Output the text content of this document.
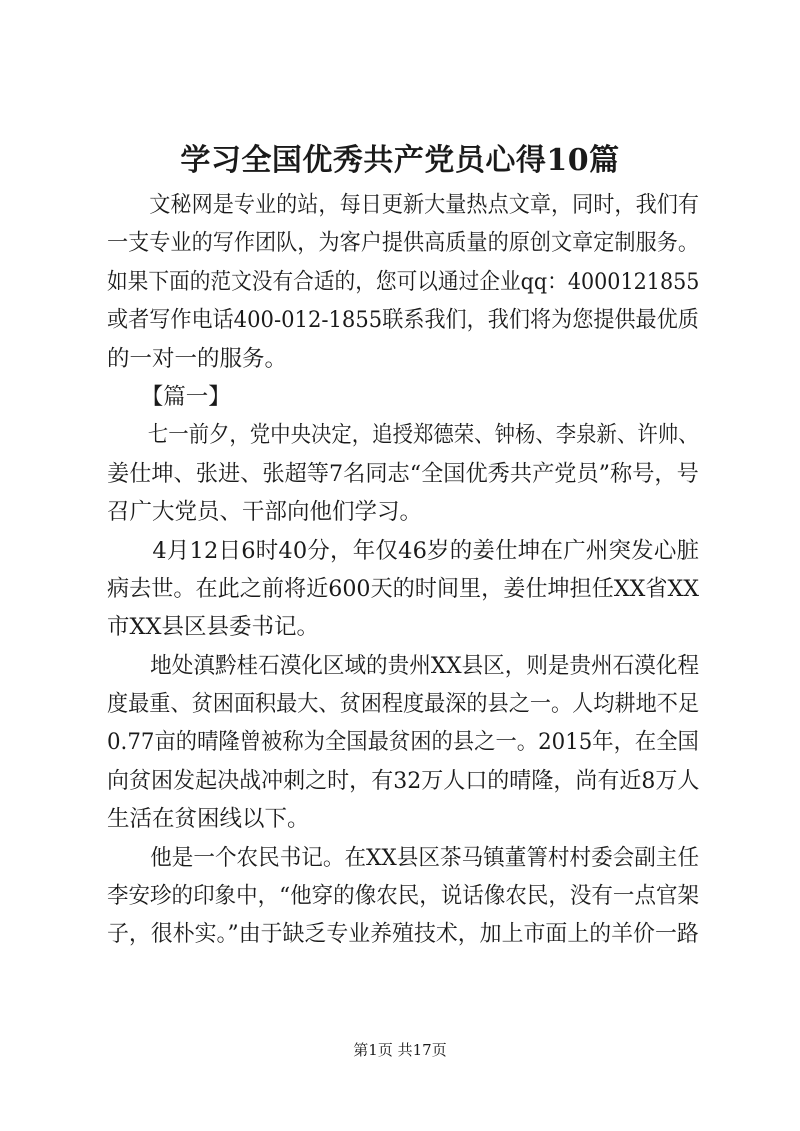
学习全国优秀共产党员心得10篇
　　文秘网是专业的站，每日更新大量热点文章，同时，我们有
一支专业的写作团队，为客户提供高质量的原创文章定制服务。
如果下面的范文没有合适的，您可以通过企业qq：4000121855
或者写作电话400-012-1855联系我们，我们将为您提供最优质
的一对一的服务。
　　【篇一】
　　七一前夕，党中央决定，追授郑德荣、钟杨、李泉新、许帅、
姜仕坤、张进、张超等7名同志“全国优秀共产党员”称号，号
召广大党员、干部向他们学习。
　　4月12日6时40分，年仅46岁的姜仕坤在广州突发心脏
病去世。在此之前将近600天的时间里，姜仕坤担任XX省XX
市XX县区县委书记。
　　地处滇黔桂石漠化区域的贵州XX县区，则是贵州石漠化程
度最重、贫困面积最大、贫困程度最深的县之一。人均耕地不足
0.77亩的晴隆曾被称为全国最贫困的县之一。2015年，在全国
向贫困发起决战冲刺之时，有32万人口的晴隆，尚有近8万人
生活在贫困线以下。
　　他是一个农民书记。在XX县区茶马镇董箐村村委会副主任
李安珍的印象中，“他穿的像农民，说话像农民，没有一点官架
子，很朴实。”由于缺乏专业养殖技术，加上市面上的羊价一路
第1页 共17页
